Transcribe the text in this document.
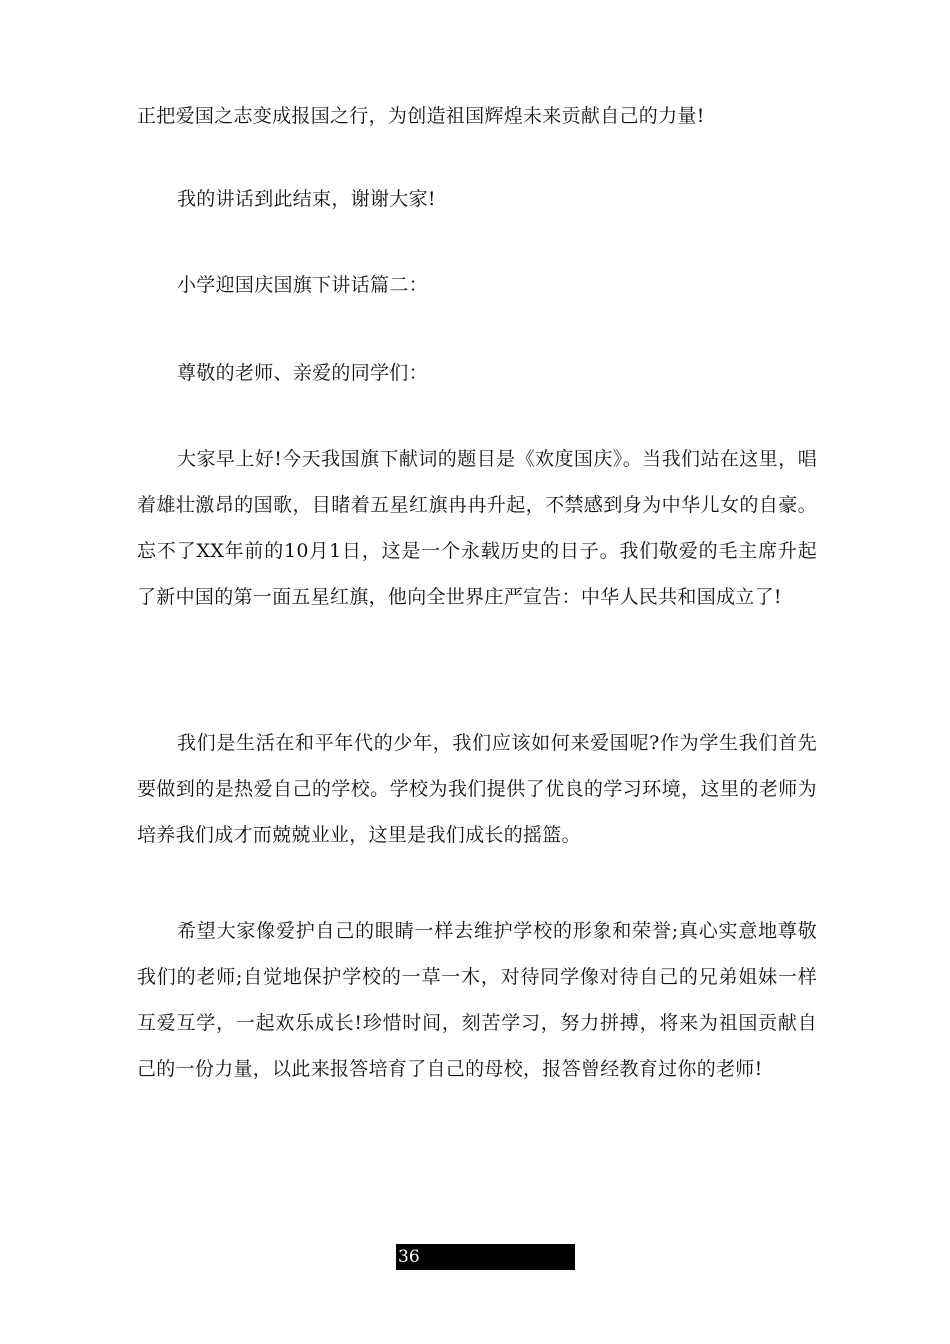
正把爱国之志变成报国之行，为创造祖国辉煌未来贡献自己的力量!

我的讲话到此结束，谢谢大家!

小学迎国庆国旗下讲话篇二：

尊敬的老师、亲爱的同学们：

大家早上好!今天我国旗下献词的题目是《欢度国庆》。当我们站在这里，唱着雄壮激昂的国歌，目睹着五星红旗冉冉升起，不禁感到身为中华儿女的自豪。忘不了XX年前的10月1日，这是一个永载历史的日子。我们敬爱的毛主席升起了新中国的第一面五星红旗，他向全世界庄严宣告：中华人民共和国成立了!

我们是生活在和平年代的少年，我们应该如何来爱国呢?作为学生我们首先要做到的是热爱自己的学校。学校为我们提供了优良的学习环境，这里的老师为培养我们成才而兢兢业业，这里是我们成长的摇篮。

希望大家像爱护自己的眼睛一样去维护学校的形象和荣誉;真心实意地尊敬我们的老师;自觉地保护学校的一草一木，对待同学像对待自己的兄弟姐妹一样互爱互学，一起欢乐成长!珍惜时间，刻苦学习，努力拼搏，将来为祖国贡献自己的一份力量，以此来报答培育了自己的母校，报答曾经教育过你的老师!

36
